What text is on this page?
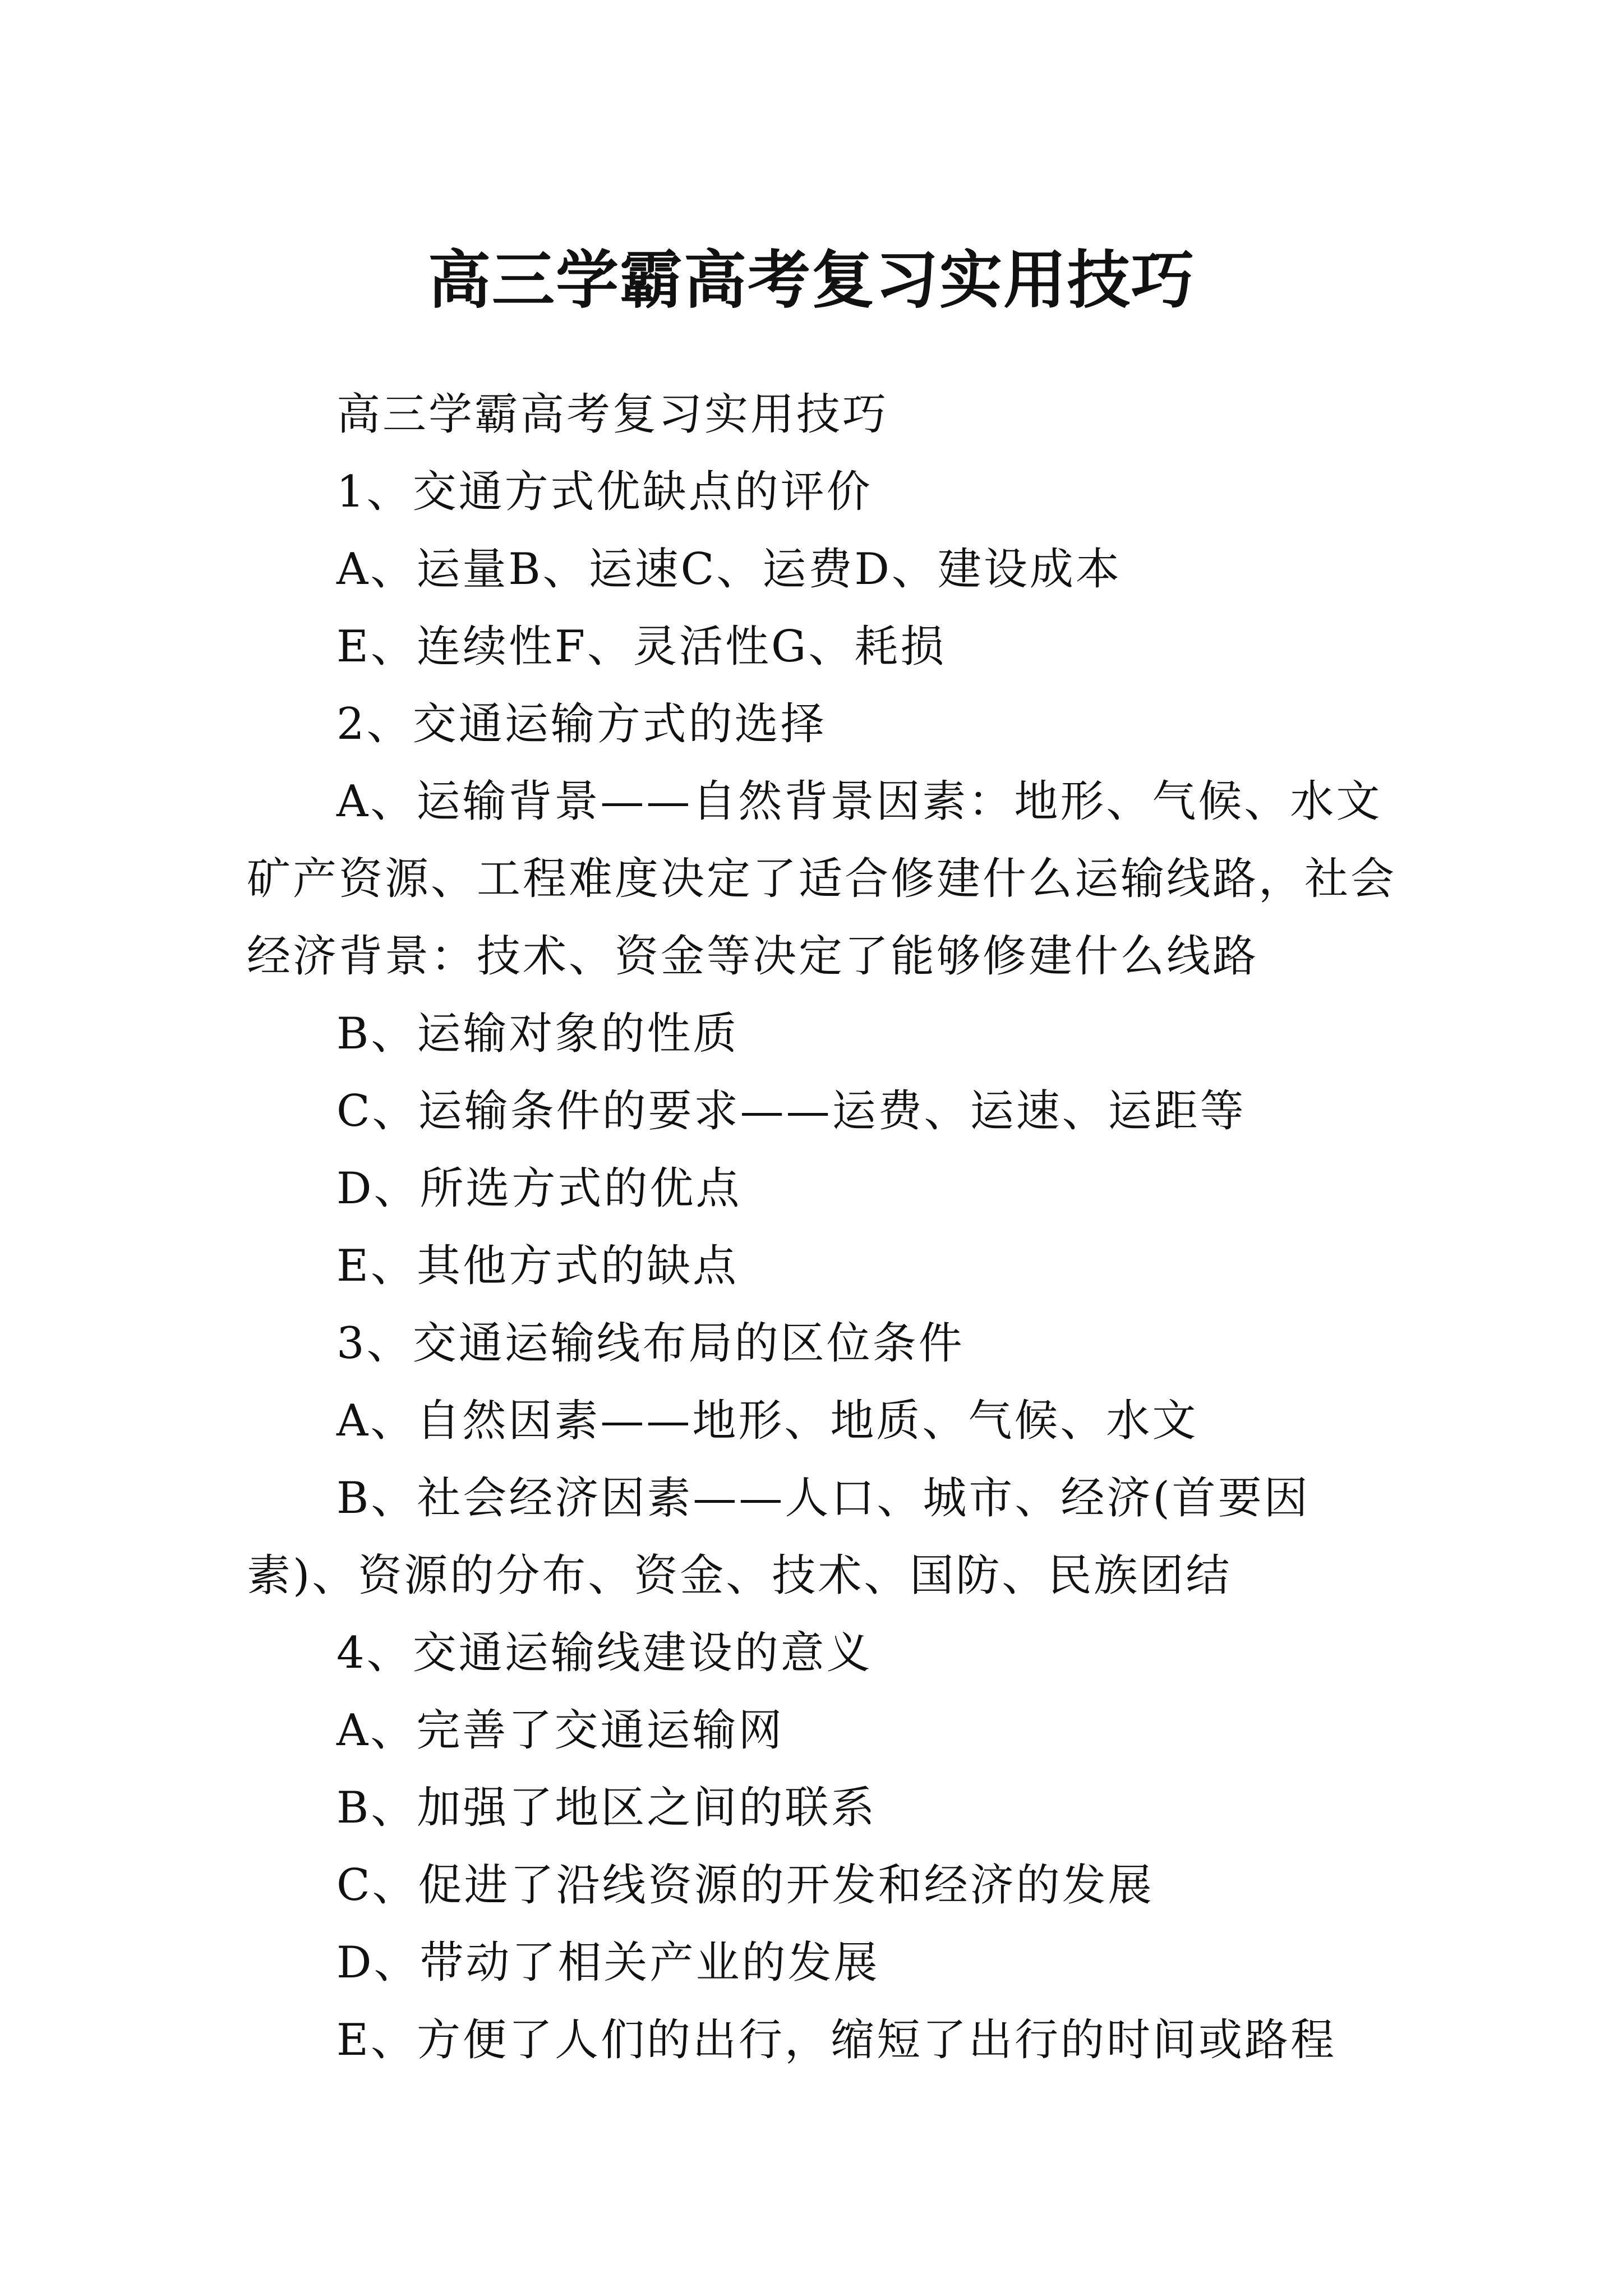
高三学霸高考复习实用技巧

高三学霸高考复习实用技巧

1、交通方式优缺点的评价

A、运量B、运速C、运费D、建设成本

E、连续性F、灵活性G、耗损

2、交通运输方式的选择

A、运输背景——自然背景因素：地形、气候、水文矿产资源、工程难度决定了适合修建什么运输线路，社会经济背景：技术、资金等决定了能够修建什么线路

B、运输对象的性质

C、运输条件的要求——运费、运速、运距等

D、所选方式的优点

E、其他方式的缺点

3、交通运输线布局的区位条件

A、自然因素——地形、地质、气候、水文

B、社会经济因素——人口、城市、经济(首要因素)、资源的分布、资金、技术、国防、民族团结

4、交通运输线建设的意义

A、完善了交通运输网

B、加强了地区之间的联系

C、促进了沿线资源的开发和经济的发展

D、带动了相关产业的发展

E、方便了人们的出行，缩短了出行的时间或路程
